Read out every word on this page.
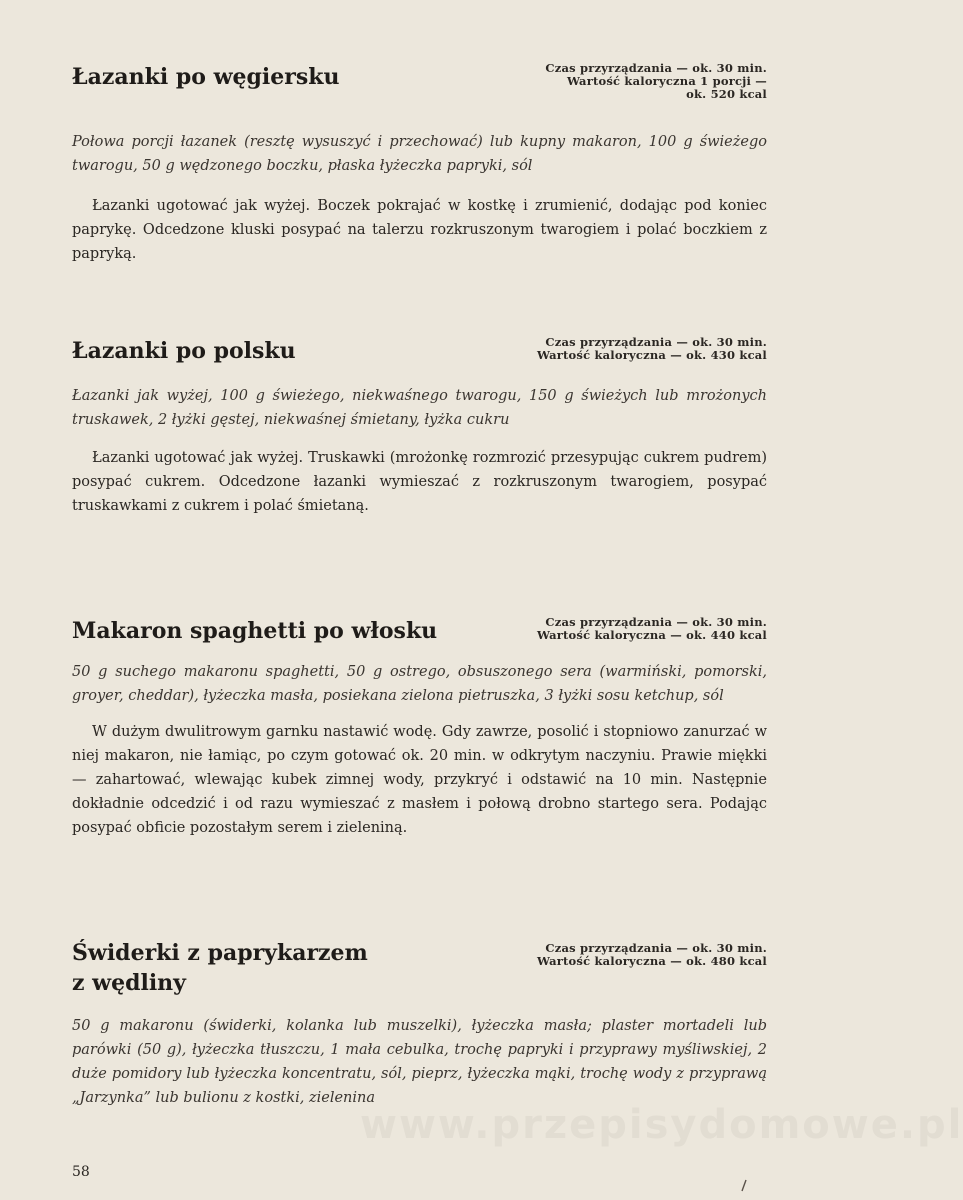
Łazanki po węgiersku	Czas przyrządzania — ok. 30 min.
Wartość kaloryczna 1 porcji —
ok. 520 kcal

Połowa porcji łazanek (resztę wysuszyć i przechować) lub kupny makaron, 100 g świeżego twarogu, 50 g wędzonego boczku, płaska łyżeczka papryki, sól

Łazanki ugotować jak wyżej. Boczek pokrajać w kostkę i zrumienić, dodając pod koniec paprykę. Odcedzone kluski posypać na talerzu rozkruszonym twarogiem i polać boczkiem z papryką.

Łazanki po polsku	Czas przyrządzania — ok. 30 min.
Wartość kaloryczna — ok. 430 kcal

Łazanki jak wyżej, 100 g świeżego, niekwaśnego twarogu, 150 g świeżych lub mrożonych truskawek, 2 łyżki gęstej, niekwaśnej śmietany, łyżka cukru

Łazanki ugotować jak wyżej. Truskawki (mrożonkę rozmrozić przesypując cukrem pudrem) posypać cukrem. Odcedzone łazanki wymieszać z rozkruszonym twarogiem, posypać truskawkami z cukrem i polać śmietaną.

Makaron spaghetti po włosku	Czas przyrządzania — ok. 30 min.
Wartość kaloryczna — ok. 440 kcal

50 g suchego makaronu spaghetti, 50 g ostrego, obsuszonego sera (warmiński, pomorski, groyer, cheddar), łyżeczka masła, posiekana zielona pietruszka, 3 łyżki sosu ketchup, sól

W dużym dwulitrowym garnku nastawić wodę. Gdy zawrze, posolić i stopniowo zanurzać w niej makaron, nie łamiąc, po czym gotować ok. 20 min. w odkrytym naczyniu. Prawie miękki — zahartować, wlewając kubek zimnej wody, przykryć i odstawić na 10 min. Następnie dokładnie odcedzić i od razu wymieszać z masłem i połową drobno startego sera. Podając posypać obficie pozostałym serem i zieleniną.

Świderki z paprykarzem
z wędliny
Czas przyrządzania — ok. 30 min.
Wartość kaloryczna — ok. 480 kcal

50 g makaronu (świderki, kolanka lub muszelki), łyżeczka masła; plaster mortadeli lub parówki (50 g), łyżeczka tłuszczu, 1 mała cebulka, trochę papryki i przyprawy myśliwskiej, 2 duże pomidory lub łyżeczka koncentratu, sól, pieprz, łyżeczka mąki, trochę wody z przyprawą „Jarzynka” lub bulionu z kostki, zielenina

www.przepisydomowe.pl
58
